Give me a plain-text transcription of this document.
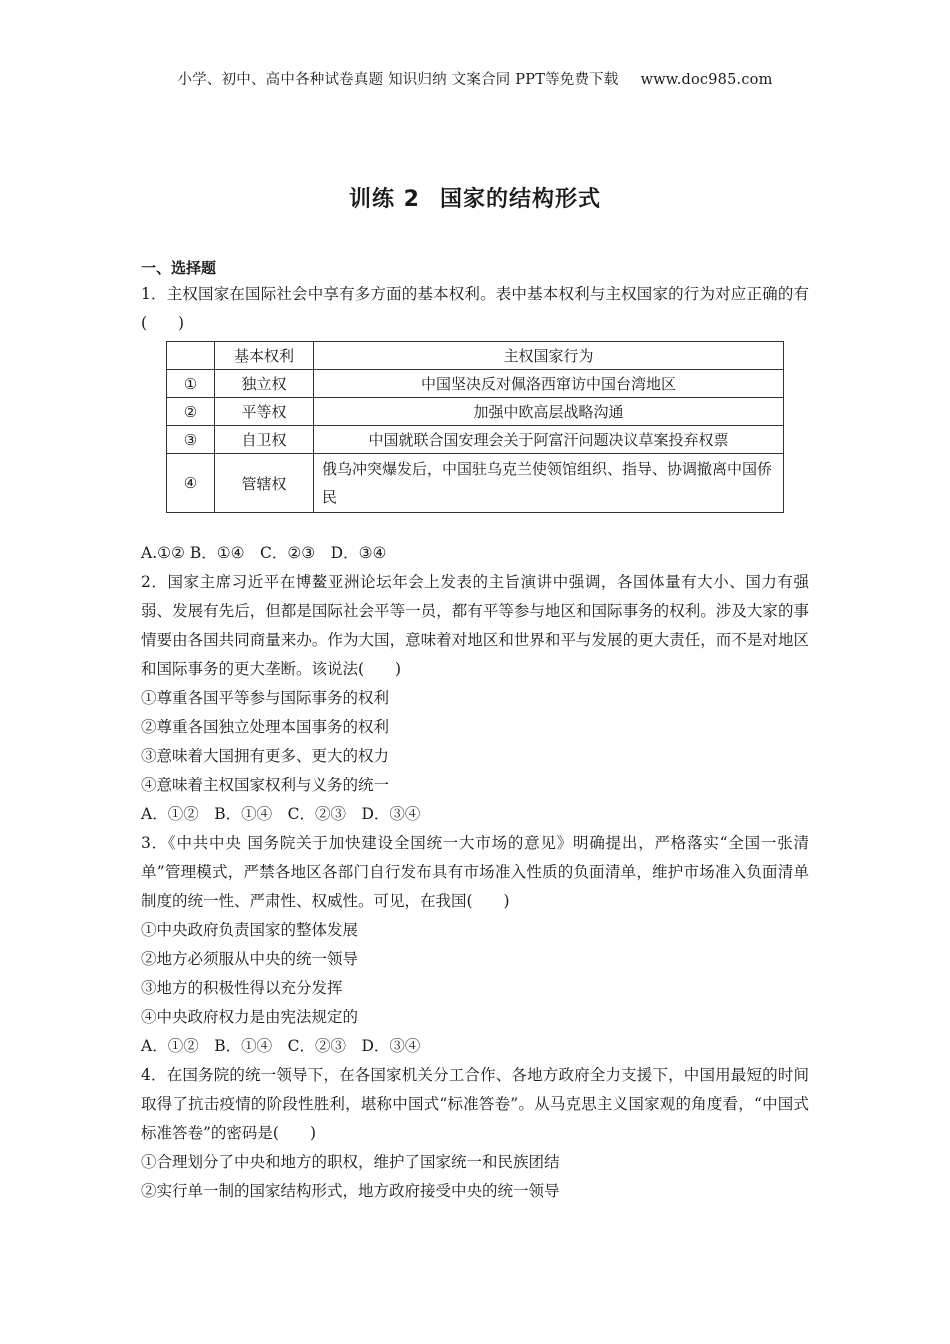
小学、初中、高中各种试卷真题 知识归纳 文案合同 PPT等免费下载 www.doc985.com
训练 2 国家的结构形式
一、选择题
1．主权国家在国际社会中享有多方面的基本权利。表中基本权利与主权国家的行为对应正确的有(　　)
	基本权利	主权国家行为
①	独立权	中国坚决反对佩洛西窜访中国台湾地区
②	平等权	加强中欧高层战略沟通
③	自卫权	中国就联合国安理会关于阿富汗问题决议草案投弃权票
④	管辖权	俄乌冲突爆发后，中国驻乌克兰使领馆组织、指导、协调撤离中国侨民
A.①② B．①④　C．②③　D．③④
2．国家主席习近平在博鳌亚洲论坛年会上发表的主旨演讲中强调，各国体量有大小、国力有强弱、发展有先后，但都是国际社会平等一员，都有平等参与地区和国际事务的权利。涉及大家的事情要由各国共同商量来办。作为大国，意味着对地区和世界和平与发展的更大责任，而不是对地区和国际事务的更大垄断。该说法(　　)
①尊重各国平等参与国际事务的权利
②尊重各国独立处理本国事务的权利
③意味着大国拥有更多、更大的权力
④意味着主权国家权利与义务的统一
A．①②　B．①④　C．②③　D．③④
3．《中共中央 国务院关于加快建设全国统一大市场的意见》明确提出，严格落实“全国一张清单”管理模式，严禁各地区各部门自行发布具有市场准入性质的负面清单，维护市场准入负面清单制度的统一性、严肃性、权威性。可见，在我国(　　)
①中央政府负责国家的整体发展
②地方必须服从中央的统一领导
③地方的积极性得以充分发挥
④中央政府权力是由宪法规定的
A．①②　B．①④　C．②③　D．③④
4．在国务院的统一领导下，在各国家机关分工合作、各地方政府全力支援下，中国用最短的时间取得了抗击疫情的阶段性胜利，堪称中国式“标准答卷”。从马克思主义国家观的角度看，“中国式标准答卷”的密码是(　　)
①合理划分了中央和地方的职权，维护了国家统一和民族团结
②实行单一制的国家结构形式，地方政府接受中央的统一领导
